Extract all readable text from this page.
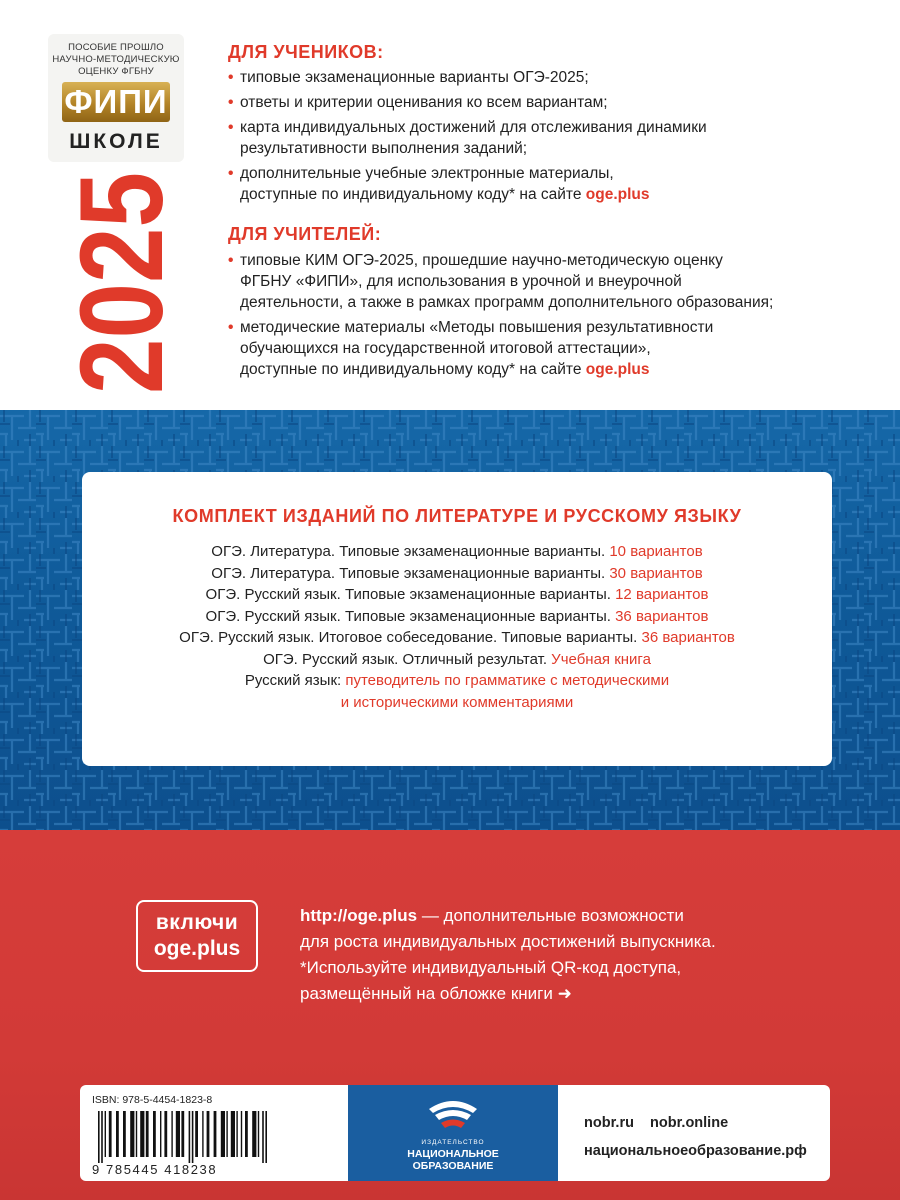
ПОСОБИЕ ПРОШЛО
НАУЧНО-МЕТОДИЧЕСКУЮ
ОЦЕНКУ ФГБНУ
ФИПИ
ШКОЛЕ
202
ДЛЯ УЧЕНИКОВ:
• типовые экзаменационные варианты ОГЭ-2025;
• ответы и критерии оценивания ко всем вариантам;
• карта индивидуальных достижений для отслеживания динамики
результативности выполнения заданий;
• дополнительные учебные электронные материалы,
доступные по индивидуальному коду* на сайте oge.plus
ДЛЯ УЧИТЕЛЕЙ:
• типовые КИМ ОГЭ-2025, прошедшие научно-методическую оценку
ФГБНУ «ФИПИ», для использования в урочной и внеурочной
деятельности, а также в рамках программ дополнительного образования;
• методические материалы «Методы повышения результативности
обучающихся на государственной итоговой аттестации»,
доступные по индивидуальному коду* на сайте oge.plus
КОМПЛЕКТ ИЗДАНИЙ ПО ЛИТЕРАТУРЕ И РУССКОМУ ЯЗЫКУ
ОГЭ. Литература. Типовые экзаменационные варианты. 10 вариантов
ОГЭ. Литература. Типовые экзаменационные варианты. 30 вариантов
ОГЭ. Русский язык. Типовые экзаменационные варианты. 12 вариантов
ОГЭ. Русский язык. Типовые экзаменационные варианты. 36 вариантов
ОГЭ. Русский язык. Итоговое собеседование. Типовые варианты. 36 вариантов
ОГЭ. Русский язык. Отличный результат. Учебная книга
Русский язык: путеводитель по грамматике с методическими
и историческими комментариями
включи
oge.plus

http://oge.plus — дополнительные возможности

для роста индивидуальных достижений выпускника.

*Используйте индивидуальный QR-код доступа,

размещённый на обложке книги ➜

ISBN: 978-5-4454-1823-8
9 785445 418238
ИЗДАТЕЛЬСТВО
НАЦИОНАЛЬНОЕ
ОБРАЗОВАНИЕ
nobr.ru nobr.online
национальноеобразование.рф
